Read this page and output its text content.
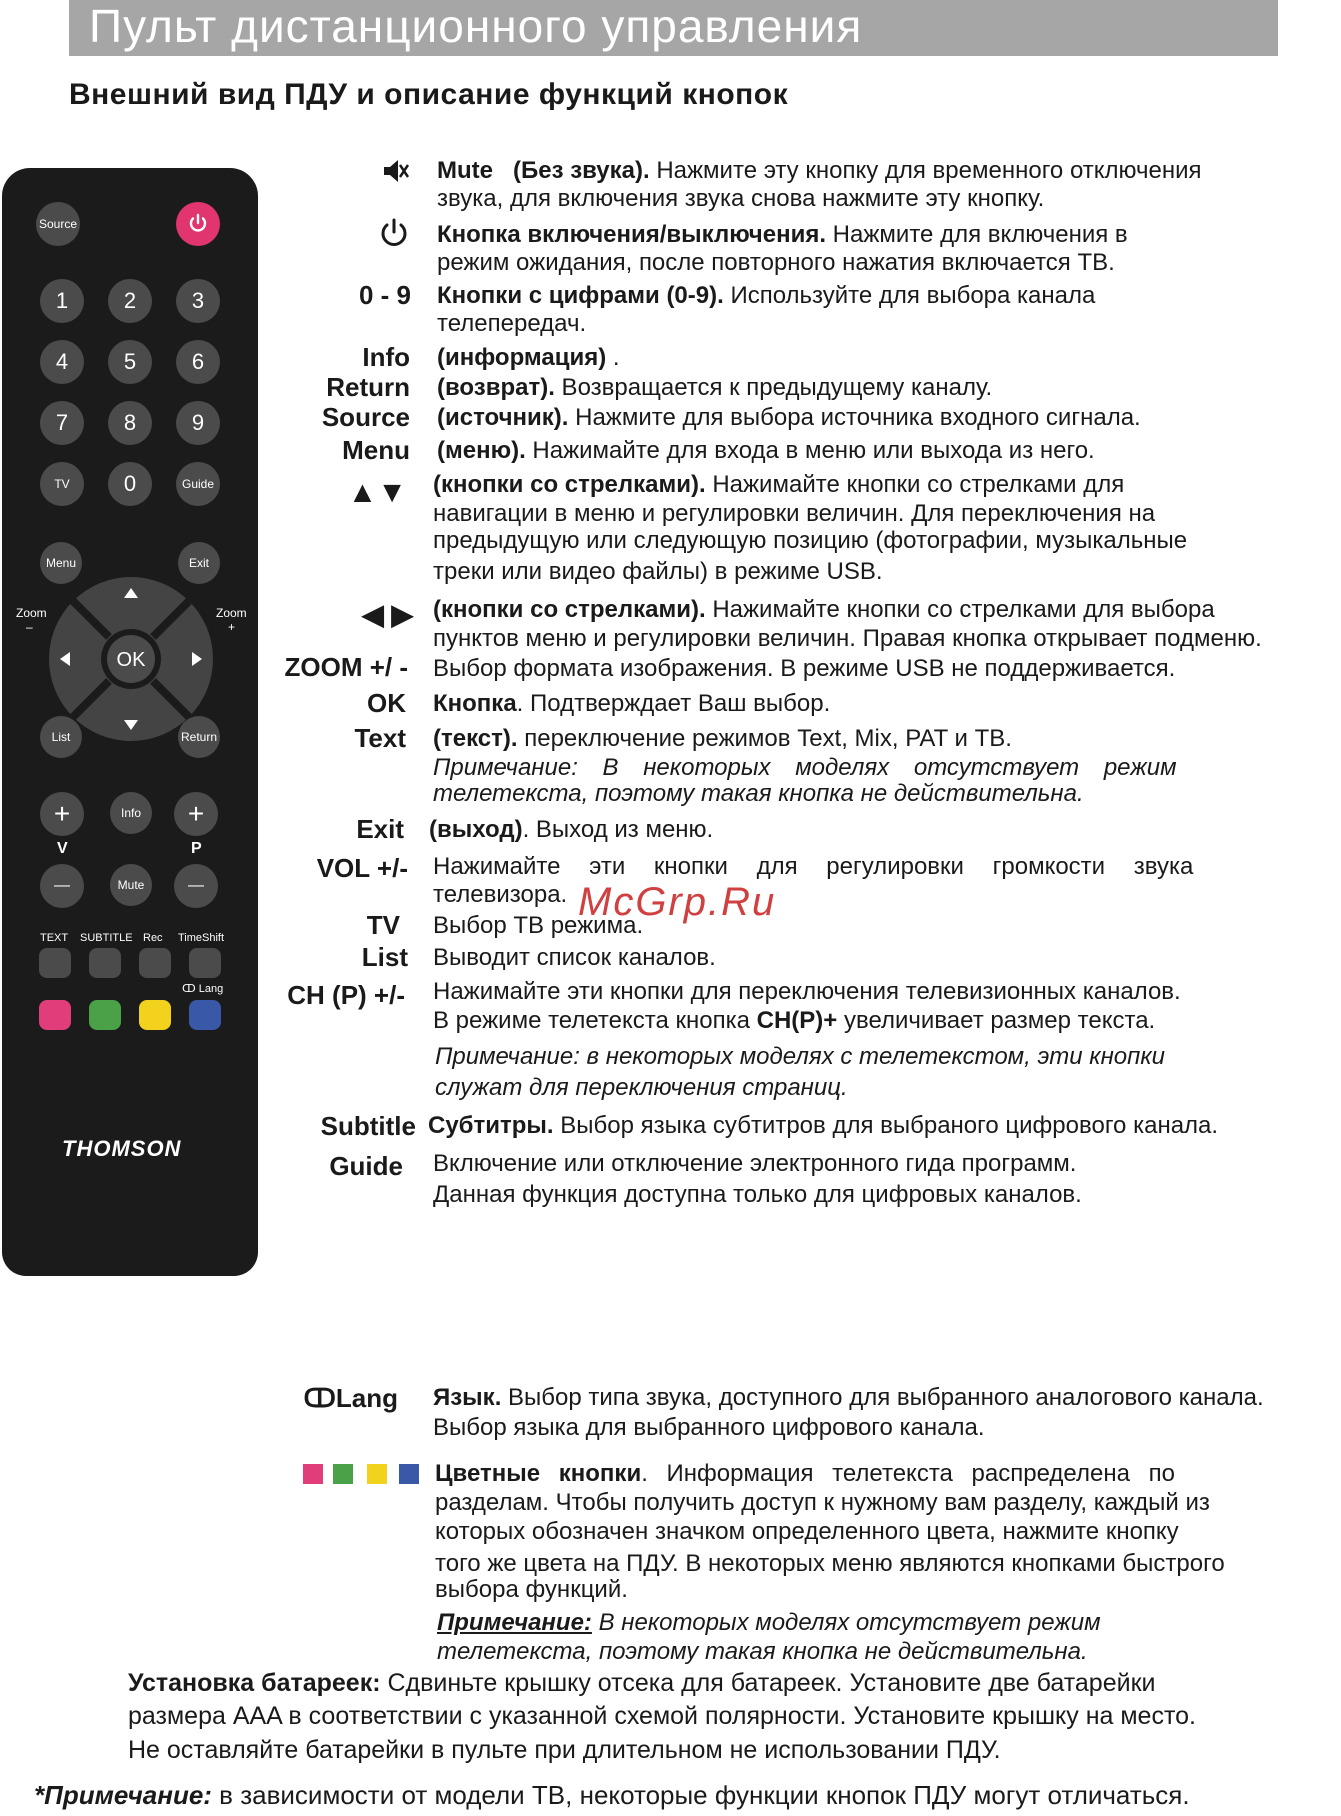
Пульт дистанционного управления
Внешний вид ПДУ и описание функций кнопок
Source
1	2	3
4	5	6
7	8	9
TV	0	Guide
Menu	Exit
Zoom
–
Zoom
+
OK
List	Return
+	Info	+
V	P
—	Mute	—
TEXT SUBTITLE Rec TimeShift
ↀ Lang
THOMSON
Mute (Без звука). Нажмите эту кнопку для временного отключения
звука, для включения звука снова нажмите эту кнопку.
Кнопка включения/выключения. Нажмите для включения в
режим ожидания, после повторного нажатия включается ТВ.
0 - 9 Кнопки с цифрами (0-9). Используйте для выбора канала
телепередач.
Info (информация) .
Return (возврат). Возвращается к предыдущему каналу.
Source (источник). Нажмите для выбора источника входного сигнала.
Menu (меню). Нажимайте для входа в меню или выхода из него.
▲▼ (кнопки со стрелками). Нажимайте кнопки со стрелками для
навигации в меню и регулировки величин. Для переключения на
предыдущую или следующую позицию (фотографии, музыкальные
треки или видео файлы) в режиме USB.
◀ ▶ (кнопки со стрелками). Нажимайте кнопки со стрелками для выбора
пунктов меню и регулировки величин. Правая кнопка открывает подменю.
ZOOM +/ - Выбор формата изображения. В режиме USB не поддерживается.
OK Кнопка. Подтверждает Ваш выбор.
Text (текст). переключение режимов Text, Mix, PAT и ТВ.
Примечание: В некоторых моделях отсутствует режим
телетекста, поэтому такая кнопка не действительна.
Exit (выход). Выход из меню.
VOL +/- Нажимайте эти кнопки для регулировки громкости звука
телевизора.
TV Выбор ТВ режима.
List Выводит список каналов.
CH (P) +/- Нажимайте эти кнопки для переключения телевизионных каналов.
В режиме телетекста кнопка CH(P)+ увеличивает размер текста.
Примечание: в некоторых моделях с телетекстом, эти кнопки
служат для переключения страниц.
Subtitle Субтитры. Выбор языка субтитров для выбраного цифрового канала.
Guide Включение или отключение электронного гида программ.
Данная функция доступна только для цифровых каналов.
ↀLang Язык. Выбор типа звука, доступного для выбранного аналогового канала.
Выбор языка для выбранного цифрового канала.
Цветные кнопки. Информация телетекста распределена по
разделам. Чтобы получить доступ к нужному вам разделу, каждый из
которых обозначен значком определенного цвета, нажмите кнопку
того же цвета на ПДУ. В некоторых меню являются кнопками быстрого
выбора функций.
Примечание: В некоторых моделях отсутствует режим
телетекста, поэтому такая кнопка не действительна.
Установка батареек: Сдвиньте крышку отсека для батареек. Установите две батарейки
размера AAA в соответствии с указанной схемой полярности. Установите крышку на место.
Не оставляйте батарейки в пульте при длительном не использовании ПДУ.
*Примечание: в зависимости от модели ТВ, некоторые функции кнопок ПДУ могут отличаться.
McGrp.Ru
